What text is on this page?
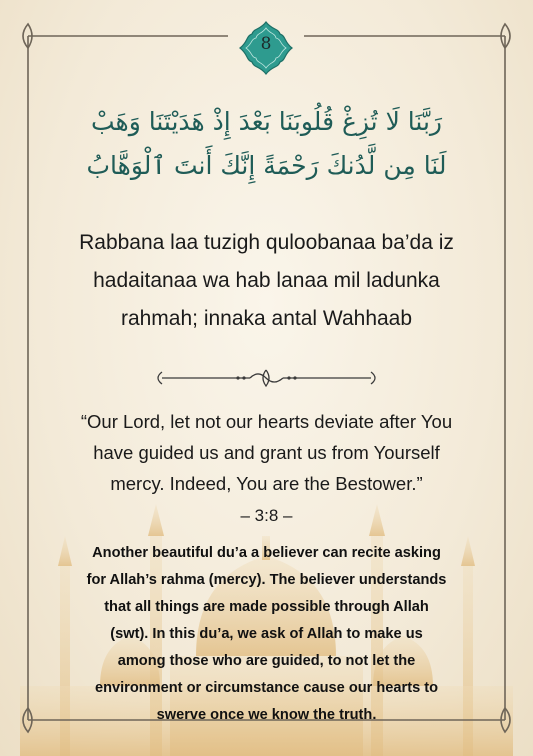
8
رَبَّنَا لَا تُزِغْ قُلُوبَنَا بَعْدَ إِذْ هَدَيْتَنَا وَهَبْ
لَنَا مِن لَّدُنكَ رَحْمَةً إِنَّكَ أَنتَ ٱلْوَهَّابُ
Rabbana laa tuzigh quloobanaa ba’da iz
hadaitanaa wa hab lanaa mil ladunka
rahmah; innaka antal Wahhaab
“Our Lord, let not our hearts deviate after You
have guided us and grant us from Yourself
mercy. Indeed, You are the Bestower.”
– 3:8 –
Another beautiful du’a a believer can recite asking
for Allah’s rahma (mercy). The believer understands
that all things are made possible through Allah
(swt). In this du’a, we ask of Allah to make us
among those who are guided, to not let the
environment or circumstance cause our hearts to
swerve once we know the truth.
